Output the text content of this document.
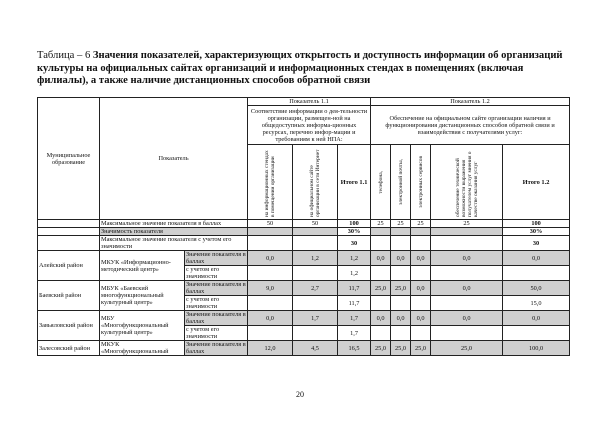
Таблица – 6 Значения показателей, характеризующих открытость и доступность информации об организаций культуры на официальных сайтах организаций и информационных стендах в помещениях (включая филиалы), а также наличие дистанционных способов обратной связи
Муниципальное образование	Показатель		Показатель 1.1			Показатель 1.2				
			Соответствие информации о дея-тельности организации, размещен-ной на общедоступных информа-ционных ресурсах, перечню инфор-мации и требованиям к ней НПА:			Обеспечение на официальном сайте организации наличия и функционирования дистанционных способов обратной связи и взаимодействия с получателями услуг:				

			на информационных стендах в помещении организации	на официальном сайте организации в сети Интернет	Итого 1.1	телефона,	электронной почты,	электронных сервисов	обеспечение технической возможности выражения получателем услуг мнения о качестве оказания услуг	Итого 1.2
	Максимальное значение показателя в баллах		50	50	100	25	25	25	25	100
	Значимость показателя				30%					30%
	Максимальное значение показателя с учетом его значимости				30					30
Алейский район	МКУК «Информационно-методический центр»	Значение показателя в баллах	0,0	1,2	1,2	0,0	0,0	0,0	0,0	0,0
		с учетом его значимости			1,2					
Баевский район	МБУК «Баевский многофункциональный культурный центр»	Значение показателя в баллах	9,0	2,7	11,7	25,0	25,0	0,0	0,0	50,0
		с учетом его значимости			11,7					15,0
Завьяловский район	МБУ «Многофункциональный культурный центр»	Значение показателя в баллах	0,0	1,7	1,7	0,0	0,0	0,0	0,0	0,0
		с учетом его значимости			1,7					
Залесовский район	МКУК «Многофункциональный	Значение показателя в баллах	12,0	4,5	16,5	25,0	25,0	25,0	25,0	100,0
20
